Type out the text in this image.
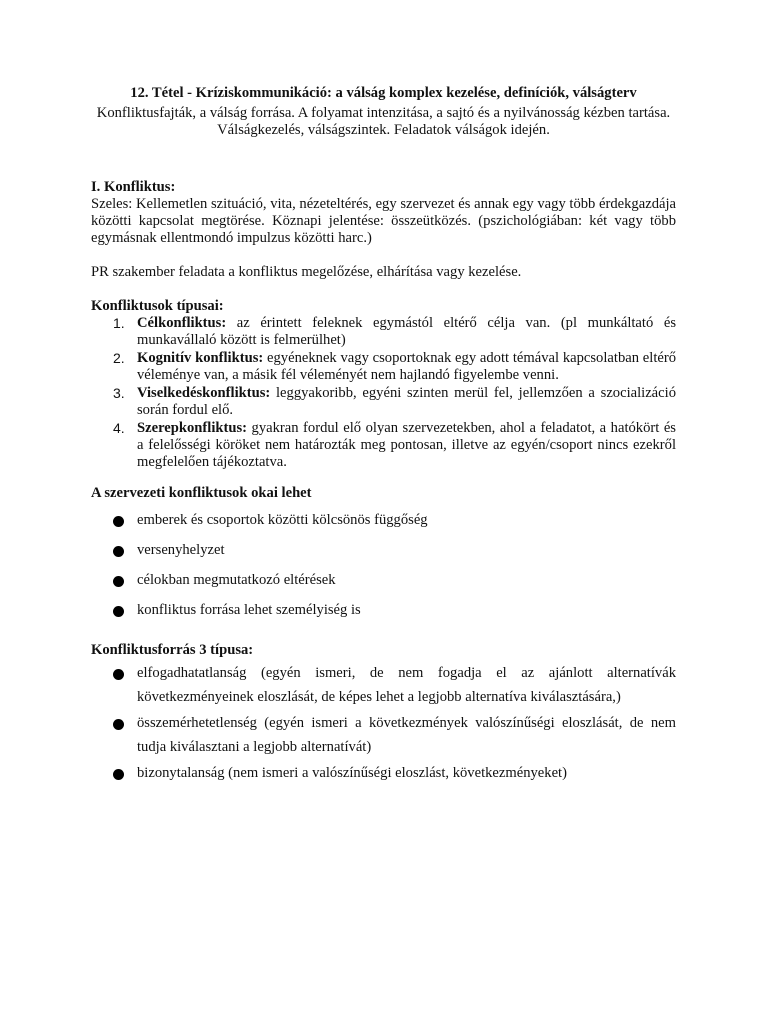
12. Tétel - Kríziskommunikáció: a válság komplex kezelése, definíciók, válságterv

Konfliktusfajták, a válság forrása. A folyamat intenzitása, a sajtó és a nyilvánosság kézben tartása. Válságkezelés, válságszintek. Feladatok válságok idején.

I. Konfliktus:

Szeles: Kellemetlen szituáció, vita, nézeteltérés, egy szervezet és annak egy vagy több érdekgazdája közötti kapcsolat megtörése. Köznapi jelentése: összeütközés. (pszichológiában: két vagy több egymásnak ellentmondó impulzus közötti harc.)

PR szakember feladata a konfliktus megelőzése, elhárítása vagy kezelése.

Konfliktusok típusai:

1. Célkonfliktus: az érintett feleknek egymástól eltérő célja van. (pl munkáltató és munkavállaló között is felmerülhet)
2. Kognitív konfliktus: egyéneknek vagy csoportoknak egy adott témával kapcsolatban eltérő véleménye van, a másik fél véleményét nem hajlandó figyelembe venni.
3. Viselkedéskonfliktus: leggyakoribb, egyéni szinten merül fel, jellemzően a szocializáció során fordul elő.
4. Szerepkonfliktus: gyakran fordul elő olyan szervezetekben, ahol a feladatot, a hatókört és a felelősségi köröket nem határozták meg pontosan, illetve az egyén/csoport nincs ezekről megfelelően tájékoztatva.

A szervezeti konfliktusok okai lehet

emberek és csoportok közötti kölcsönös függőség
versenyhelyzet
célokban megmutatkozó eltérések
konfliktus forrása lehet személyiség is

Konfliktusforrás 3 típusa:

elfogadhatatlanság (egyén ismeri, de nem fogadja el az ajánlott alternatívák következményeinek eloszlását, de képes lehet a legjobb alternatíva kiválasztására,)
összemérhetetlenség (egyén ismeri a következmények valószínűségi eloszlását, de nem tudja kiválasztani a legjobb alternatívát)
bizonytalanság (nem ismeri a valószínűségi eloszlást, következményeket)
